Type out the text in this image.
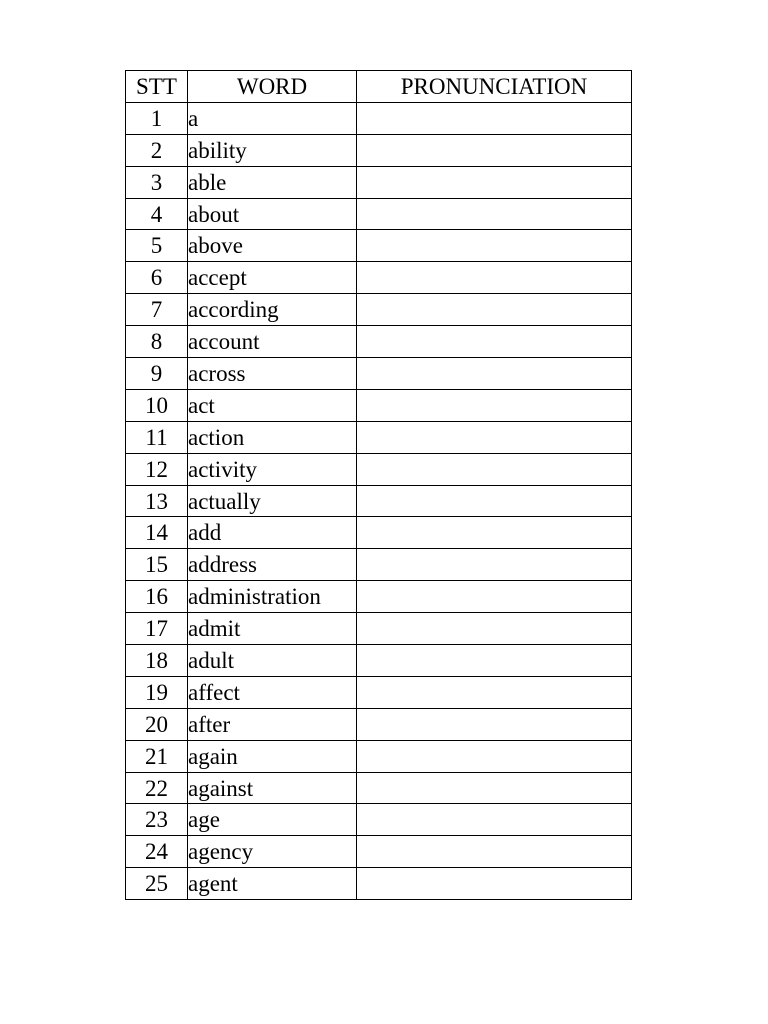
STT	WORD	PRONUNCIATION
1	a	
2	ability	
3	able	
4	about	
5	above	
6	accept	
7	according	
8	account	
9	across	
10	act	
11	action	
12	activity	
13	actually	
14	add	
15	address	
16	administration	
17	admit	
18	adult	
19	affect	
20	after	
21	again	
22	against	
23	age	
24	agency	
25	agent	
